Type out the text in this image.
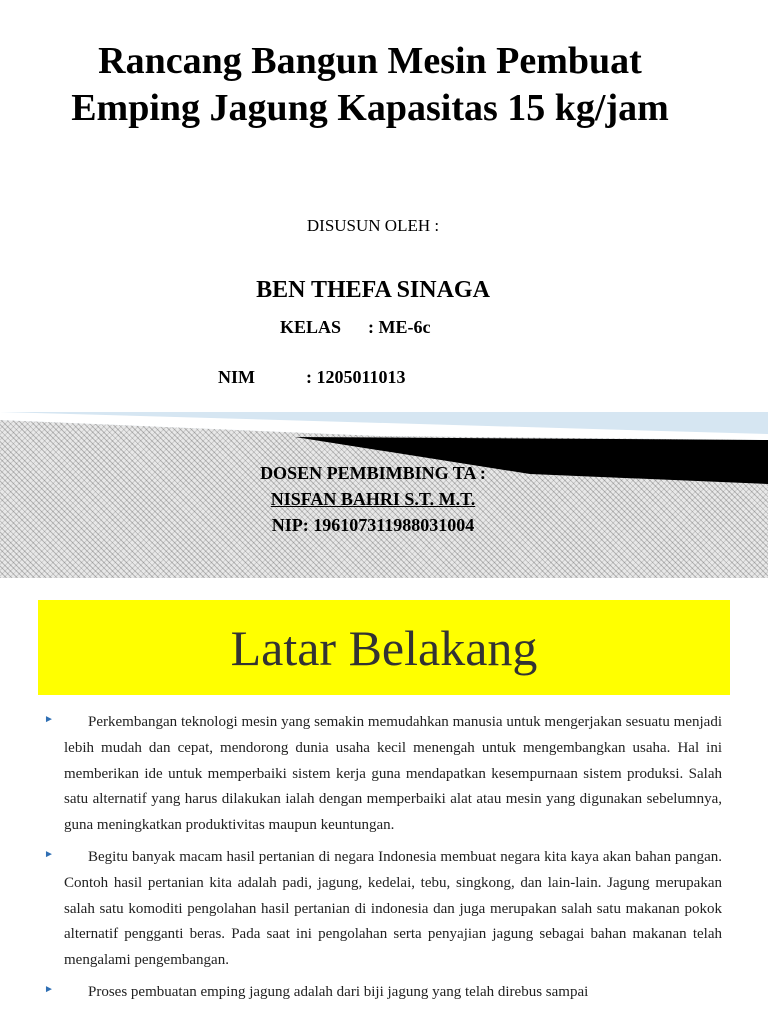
Rancang Bangun Mesin Pembuat
Emping Jagung Kapasitas 15 kg/jam
DISUSUN OLEH :
BEN THEFA SINAGA
KELAS : ME-6c

NIM	: 1205011013

DOSEN PEMBIMBING TA :
NISFAN BAHRI S.T. M.T.
NIP: 196107311988031004
Latar Belakang

► Perkembangan teknologi mesin yang semakin memudahkan manusia untuk mengerjakan sesuatu menjadi lebih mudah dan cepat, mendorong dunia usaha kecil menengah untuk mengembangkan usaha. Hal ini memberikan ide untuk memperbaiki sistem kerja guna mendapatkan kesempurnaan sistem produksi. Salah satu alternatif yang harus dilakukan ialah dengan memperbaiki alat atau mesin yang digunakan sebelumnya, guna meningkatkan produktivitas maupun keuntungan.

► Begitu banyak macam hasil pertanian di negara Indonesia membuat negara kita kaya akan bahan pangan. Contoh hasil pertanian kita adalah padi, jagung, kedelai, tebu, singkong, dan lain-lain. Jagung merupakan salah satu komoditi pengolahan hasil pertanian di indonesia dan juga merupakan salah satu makanan pokok alternatif pengganti beras. Pada saat ini pengolahan serta penyajian jagung sebagai bahan makanan telah mengalami pengembangan.

► Proses pembuatan emping jagung adalah dari biji jagung yang telah direbus sampai
